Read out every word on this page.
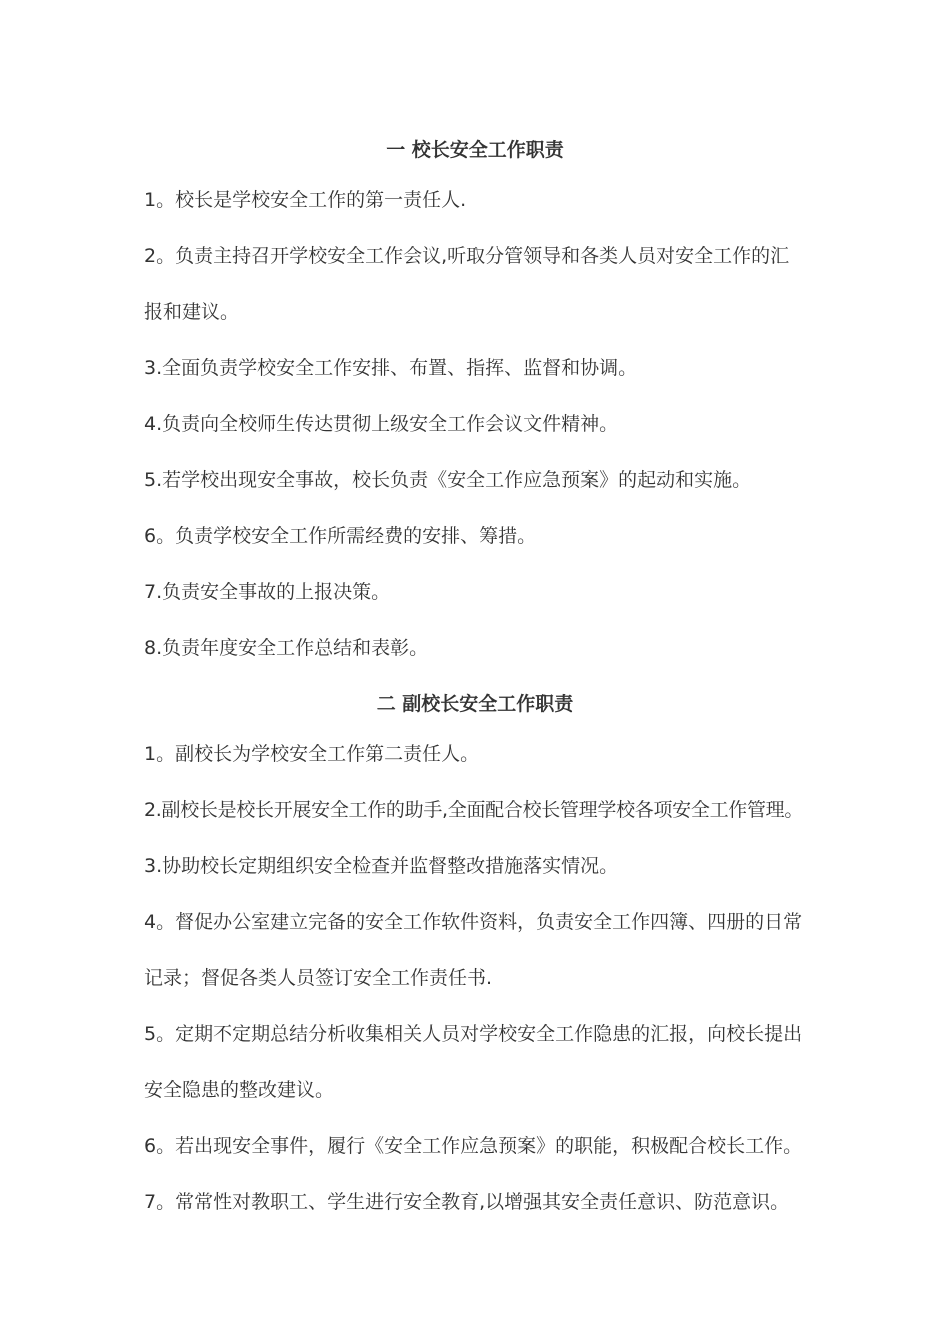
一 校长安全工作职责

1。校长是学校安全工作的第一责任人.

2。负责主持召开学校安全工作会议,听取分管领导和各类人员对安全工作的汇报和建议。

3.全面负责学校安全工作安排、布置、指挥、监督和协调。

4.负责向全校师生传达贯彻上级安全工作会议文件精神。

5.若学校出现安全事故，校长负责《安全工作应急预案》的起动和实施。

6。负责学校安全工作所需经费的安排、筹措。

7.负责安全事故的上报决策。

8.负责年度安全工作总结和表彰。

二 副校长安全工作职责

1。副校长为学校安全工作第二责任人。

2.副校长是校长开展安全工作的助手,全面配合校长管理学校各项安全工作管理。

3.协助校长定期组织安全检查并监督整改措施落实情况。

4。督促办公室建立完备的安全工作软件资料，负责安全工作四簿、四册的日常记录；督促各类人员签订安全工作责任书.

5。定期不定期总结分析收集相关人员对学校安全工作隐患的汇报，向校长提出安全隐患的整改建议。

6。若出现安全事件，履行《安全工作应急预案》的职能，积极配合校长工作。

7。常常性对教职工、学生进行安全教育,以增强其安全责任意识、防范意识。
